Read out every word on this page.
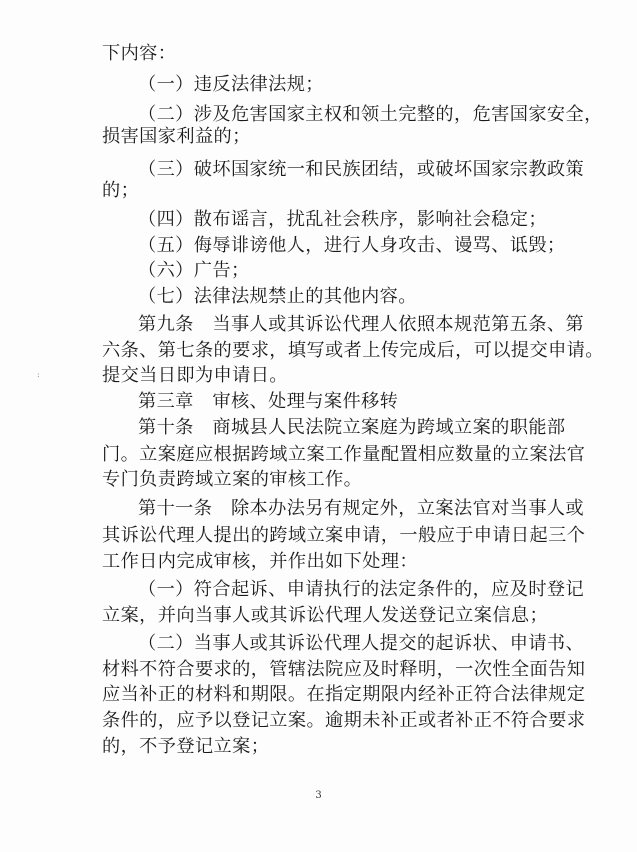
下内容：
（一）违反法律法规；
（二）涉及危害国家主权和领土完整的，危害国家安全，
损害国家利益的；
（三）破坏国家统一和民族团结，或破坏国家宗教政策
的；
（四）散布谣言，扰乱社会秩序，影响社会稳定；
（五）侮辱诽谤他人，进行人身攻击、谩骂、诋毁；
（六）广告；
（七）法律法规禁止的其他内容。
第九条　当事人或其诉讼代理人依照本规范第五条、第
六条、第七条的要求，填写或者上传完成后，可以提交申请。
提交当日即为申请日。
第三章　审核、处理与案件移转
第十条　商城县人民法院立案庭为跨域立案的职能部
门。立案庭应根据跨域立案工作量配置相应数量的立案法官
专门负责跨域立案的审核工作。
第十一条　除本办法另有规定外，立案法官对当事人或
其诉讼代理人提出的跨域立案申请，一般应于申请日起三个
工作日内完成审核，并作出如下处理：
（一）符合起诉、申请执行的法定条件的，应及时登记
立案，并向当事人或其诉讼代理人发送登记立案信息；
（二）当事人或其诉讼代理人提交的起诉状、申请书、
材料不符合要求的，管辖法院应及时释明，一次性全面告知
应当补正的材料和期限。在指定期限内经补正符合法律规定
条件的，应予以登记立案。逾期未补正或者补正不符合要求
的，不予登记立案；
:
3
